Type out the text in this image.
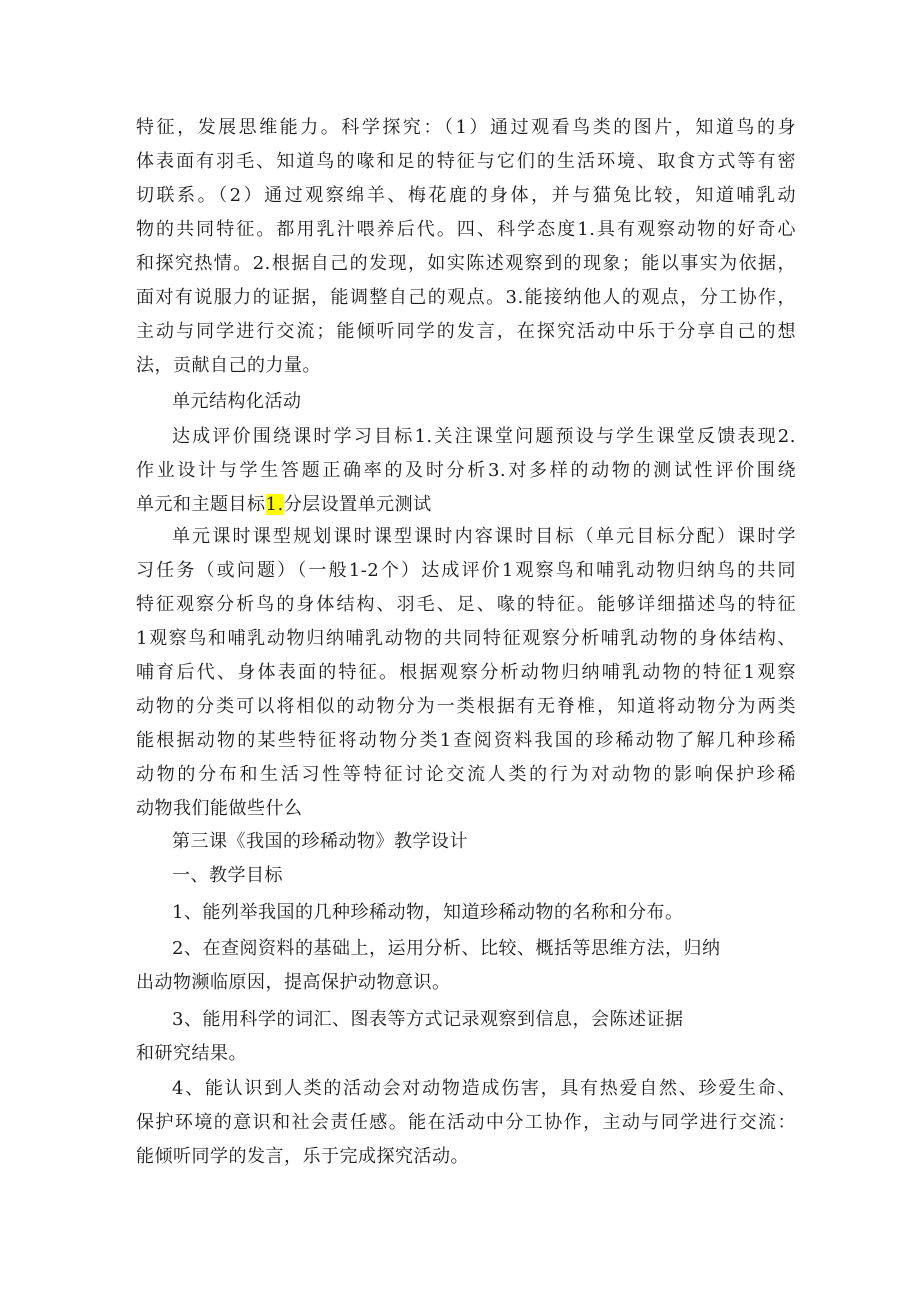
特征，发展思维能力。科学探究：（1）通过观看鸟类的图片，知道鸟的身
体表面有羽毛、知道鸟的喙和足的特征与它们的生活环境、取食方式等有密
切联系。（2）通过观察绵羊、梅花鹿的身体，并与猫兔比较，知道哺乳动
物的共同特征。都用乳汁喂养后代。四、科学态度1.具有观察动物的好奇心
和探究热情。2.根据自己的发现，如实陈述观察到的现象；能以事实为依据，
面对有说服力的证据，能调整自己的观点。3.能接纳他人的观点，分工协作，
主动与同学进行交流；能倾听同学的发言，在探究活动中乐于分享自己的想
法，贡献自己的力量。
单元结构化活动
达成评价围绕课时学习目标1.关注课堂问题预设与学生课堂反馈表现2.
作业设计与学生答题正确率的及时分析3.对多样的动物的测试性评价围绕
单元和主题目标1.分层设置单元测试
单元课时课型规划课时课型课时内容课时目标（单元目标分配）课时学
习任务（或问题）（一般1-2个）达成评价1观察鸟和哺乳动物归纳鸟的共同
特征观察分析鸟的身体结构、羽毛、足、喙的特征。能够详细描述鸟的特征
1观察鸟和哺乳动物归纳哺乳动物的共同特征观察分析哺乳动物的身体结构、
哺育后代、身体表面的特征。根据观察分析动物归纳哺乳动物的特征1观察
动物的分类可以将相似的动物分为一类根据有无脊椎，知道将动物分为两类
能根据动物的某些特征将动物分类1查阅资料我国的珍稀动物了解几种珍稀
动物的分布和生活习性等特征讨论交流人类的行为对动物的影响保护珍稀
动物我们能做些什么
第三课《我国的珍稀动物》教学设计
一、教学目标
1、能列举我国的几种珍稀动物，知道珍稀动物的名称和分布。
2、在查阅资料的基础上，运用分析、比较、概括等思维方法，归纳
出动物濒临原因，提高保护动物意识。
3、能用科学的词汇、图表等方式记录观察到信息，会陈述证据
和研究结果。
4、能认识到人类的活动会对动物造成伤害，具有热爱自然、珍爱生命、
保护环境的意识和社会责任感。能在活动中分工协作，主动与同学进行交流：
能倾听同学的发言，乐于完成探究活动。
